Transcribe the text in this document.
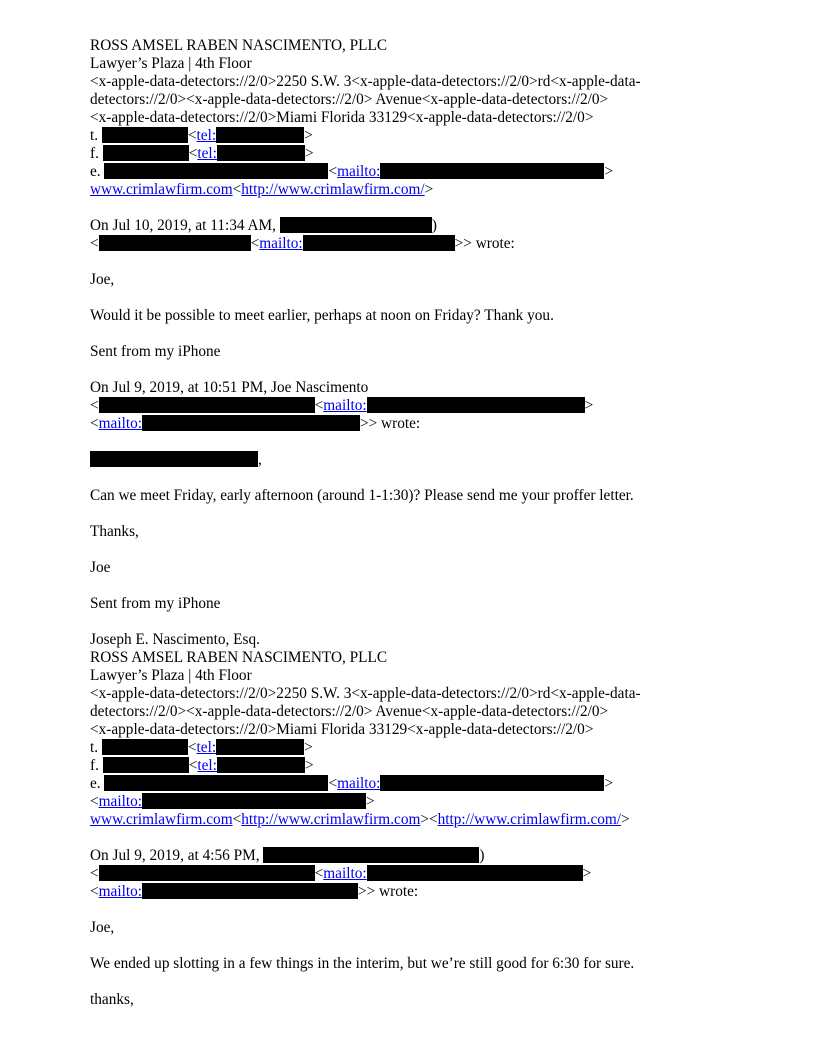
ROSS AMSEL RABEN NASCIMENTO, PLLC
Lawyer’s Plaza | 4th Floor
<x-apple-data-detectors://2/0>2250 S.W. 3<x-apple-data-detectors://2/0>rd<x-apple-data-
detectors://2/0><x-apple-data-detectors://2/0> Avenue<x-apple-data-detectors://2/0>
<x-apple-data-detectors://2/0>Miami Florida 33129<x-apple-data-detectors://2/0>
t.	<tel:	>
f.	<tel:	>
e.	<mailto:	>
www.crimlawfirm.com<http://www.crimlawfirm.com/>
On Jul 10, 2019, at 11:34 AM,	)
<	<mailto:	>> wrote:
Joe,
Would it be possible to meet earlier, perhaps at noon on Friday? Thank you.
Sent from my iPhone
On Jul 9, 2019, at 10:51 PM, Joe Nascimento
<	<mailto:	>
<mailto:	>> wrote:
,
Can we meet Friday, early afternoon (around 1-1:30)? Please send me your proffer letter.
Thanks,
Joe
Sent from my iPhone
Joseph E. Nascimento, Esq.
ROSS AMSEL RABEN NASCIMENTO, PLLC
Lawyer’s Plaza | 4th Floor
<x-apple-data-detectors://2/0>2250 S.W. 3<x-apple-data-detectors://2/0>rd<x-apple-data-
detectors://2/0><x-apple-data-detectors://2/0> Avenue<x-apple-data-detectors://2/0>
<x-apple-data-detectors://2/0>Miami Florida 33129<x-apple-data-detectors://2/0>
t.	<tel:	>
f.	<tel:	>
e.	<mailto:	>
<mailto:	>
www.crimlawfirm.com<http://www.crimlawfirm.com><http://www.crimlawfirm.com/>
On Jul 9, 2019, at 4:56 PM,	)
<	<mailto:	>
<mailto:	>> wrote:
Joe,
We ended up slotting in a few things in the interim, but we’re still good for 6:30 for sure.
thanks,
